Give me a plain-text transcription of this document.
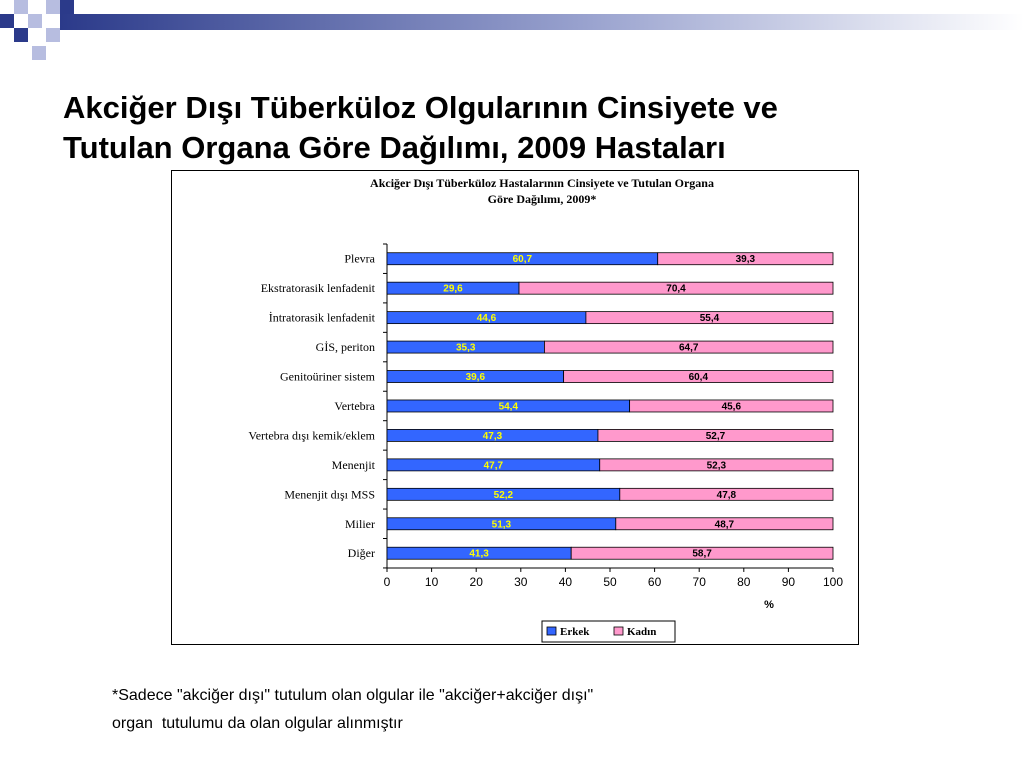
Akciğer Dışı Tüberküloz Olgularının Cinsiyete ve
Tutulan Organa Göre Dağılımı, 2009 Hastaları
Akciğer Dışı Tüberküloz Hastalarının Cinsiyete ve Tutulan Organa
Göre Dağılımı, 2009*
Plevra	60,7	39,3
Ekstratorasik lenfadenit	29,6	70,4
İntratorasik lenfadenit	44,6	55,4
GİS, periton	35,3	64,7
Genitoüriner sistem	39,6	60,4
Vertebra	54,4	45,6
Vertebra dışı kemik/eklem	47,3	52,7
Menenjit	47,7	52,3
Menenjit dışı MSS	52,2	47,8
Milier	51,3	48,7
Diğer	41,3	58,7
0	10	20	30	40	50	60	70	80	90 100
%
Erkek	Kadın
*Sadece "akciğer dışı" tutulum olan olgular ile "akciğer+akciğer dışı"
organ  tutulumu da olan olgular alınmıştır
